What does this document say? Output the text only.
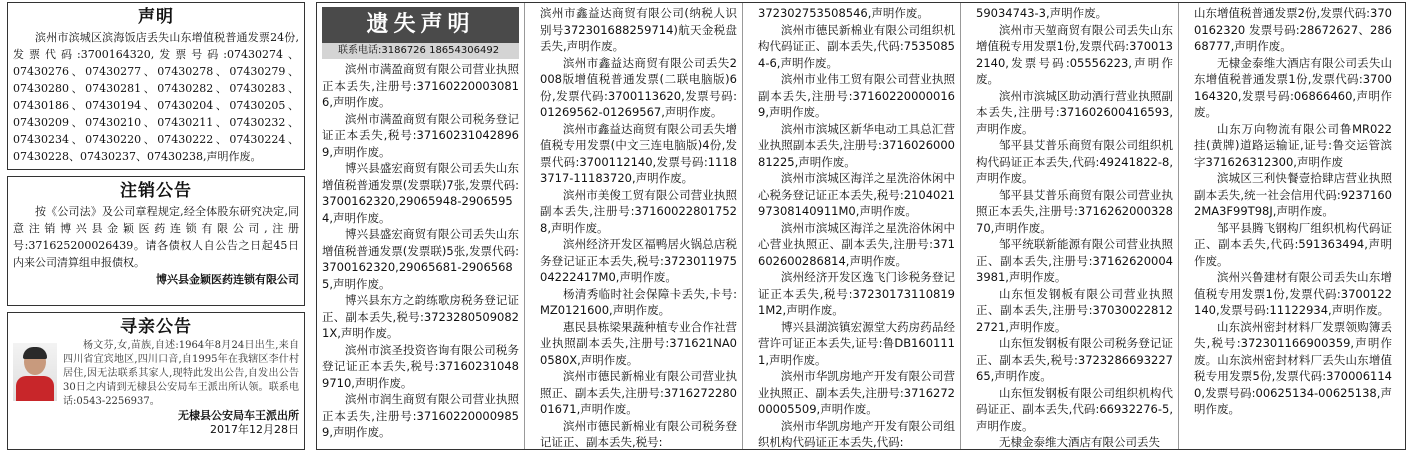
声明

滨州市滨城区滨海饭店丢失山东增值税普通发票24份,发票代码:3700164320,发票号码:07430274、07430276、07430277、07430278、07430279、07430280、07430281、07430282、07430283、07430186、07430194、07430204、07430205、07430209、07430210、07430211、07430232、07430234、07430220、07430222、07430224、07430228、07430237、07430238,声明作废。

注销公告

按《公司法》及公司章程规定,经全体股东研究决定,同意注销博兴县金颖医药连锁有限公司,注册号:371625200026439。请各债权人自公告之日起45日内来公司清算组申报债权。

博兴县金颖医药连锁有限公司
寻亲公告
杨文芬,女,苗族,自述:1964年8月24日出生,来自四川省宜宾地区,四川口音,自1995年在我辖区李什村居住,因无法联系其家人,现特此发出公告,自发出公告30日之内请到无棣县公安局车王派出所认领。联系电话:0543-2256937。
无棣县公安局车王派出所
2017年12月28日
遗失声明
联系电话:3186726 18654306492

滨州市满盈商贸有限公司营业执照正本丢失,注册号:371602200030816,声明作废。

滨州市满盈商贸有限公司税务登记证正本丢失,税号:371602310428969,声明作废。

博兴县盛宏商贸有限公司丢失山东增值税普通发票(发票联)7张,发票代码:3700162320,29065948-29065954,声明作废。

博兴县盛宏商贸有限公司丢失山东增值税普通发票(发票联)5张,发票代码:3700162320,29065681-29065685,声明作废。

博兴县东方之韵练歌房税务登记证正、副本丢失,税号:37232805090821X,声明作废。

滨州市滨圣投资咨询有限公司税务登记证正本丢失,税号:371602310489710,声明作废。

滨州市润生商贸有限公司营业执照正本丢失,注册号:371602200009859,声明作废。

滨州市鑫益达商贸有限公司(纳税人识别号372301688259714)航天金税盘丢失,声明作废。

滨州市鑫益达商贸有限公司丢失2008版增值税普通发票(二联电脑版)6份,发票代码:3700113620,发票号码:01269562-01269567,声明作废。

滨州市鑫益达商贸有限公司丢失增值税专用发票(中文三连电脑版)4份,发票代码:3700112140,发票号码:11183717-11183720,声明作废。

滨州市美俊工贸有限公司营业执照副本丢失,注册号:371600228017528,声明作废。

滨州经济开发区福鸭居火锅总店税务登记证正本丢失,税号:37230119750422241​7M0,声明作废。

杨清秀临时社会保障卡丢失,卡号:MZ0121600,声明作废。

惠民县栋梁果蔬种植专业合作社营业执照副本丢失,注册号:371621NA00580X,声明作废。

滨州市德民新棉业有限公司营业执照正、副本丢失,注册号:371627228001671,声明作废。

滨州市德民新棉业有限公司税务登记证正、副本丢失,税号:

372302753508546,声明作废。

滨州市德民新棉业有限公司组织机构代码证正、副本丢失,代码:75350854-6,声明作废。

滨州市业伟工贸有限公司营业执照副本丢失,注册号:371602200000169,声明作废。

滨州市滨城区新华电动工具总汇营业执照副本丢失,注册号:371602600081225,声明作废。

滨州市滨城区海洋之星洗浴休闲中心税务登记证正本丢失,税号:210402197308140911M0,声明作废。

滨州市滨城区海洋之星洗浴休闲中心营业执照正、副本丢失,注册号:371602600286814,声明作废。

滨州经济开发区逸飞门诊税务登记证正本丢失,税号:372301731108191M2,声明作废。

博兴县湖滨镇宏源堂大药房药品经营许可证正本丢失,证号:鲁DB1601111,声明作废。

滨州市华凯房地产开发有限公司营业执照正、副本丢失,注册号:371627200005509,声明作废。

滨州市华凯房地产开发有限公司组织机构代码证正本丢失,代码:

59034743-3,声明作废。

滨州市天堃商贸有限公司丢失山东增值税专用发票1份,发票代码:3700132140,发票号码:05556223,声明作废。

滨州市滨城区助动酒行营业执照副本丢失,注册号:371602600416593,声明作废。

邹平县艾普乐商贸有限公司组织机构代码证正本丢失,代码:49241822-8,声明作废。

邹平县艾普乐商贸有限公司营业执照正本丢失,注册号:371626200032870,声明作废。

邹平统联新能源有限公司营业执照正、副本丢失,注册号:371626200043981,声明作废。

山东恒发钢板有限公司营业执照正、副本丢失,注册号:370300228122721,声明作废。

山东恒发钢板有限公司税务登记证正、副本丢失,税号:372328669322765,声明作废。

山东恒发钢板有限公司组织机构代码证正、副本丢失,代码:66932276-5,声明作废。

无棣金泰维大酒店有限公司丢失

山东增值税普通发票2份,发票代码:3700162320 发票号码:28672627、28668777,声明作废。

无棣金泰维大酒店有限公司丢失山东增值税普通发票1份,发票代码:3700164320,发票号码:06866460,声明作废。

山东万向物流有限公司鲁MR022挂(黄牌)道路运输证,证号:鲁交运管滨字371626312300,声明作废

滨城区三利快餐壹拾肆店营业执照副本丢失,统一社会信用代码:92371602MA3F99T98J,声明作废。

邹平县腾飞钢构厂组织机构代码证正、副本丢失,代码:591363494,声明作废。

滨州兴鲁建材有限公司丢失山东增值税专用发票1份,发票代码:3700122140,发票号码:11122934,声明作废。

山东滨州密封材料厂发票领购簿丢失,税号:372301166900359,声明作废。山东滨州密封材料厂丢失山东增值税专用发票5份,发票代码:3700061140,发票号码:00625134-00625138,声明作废。
